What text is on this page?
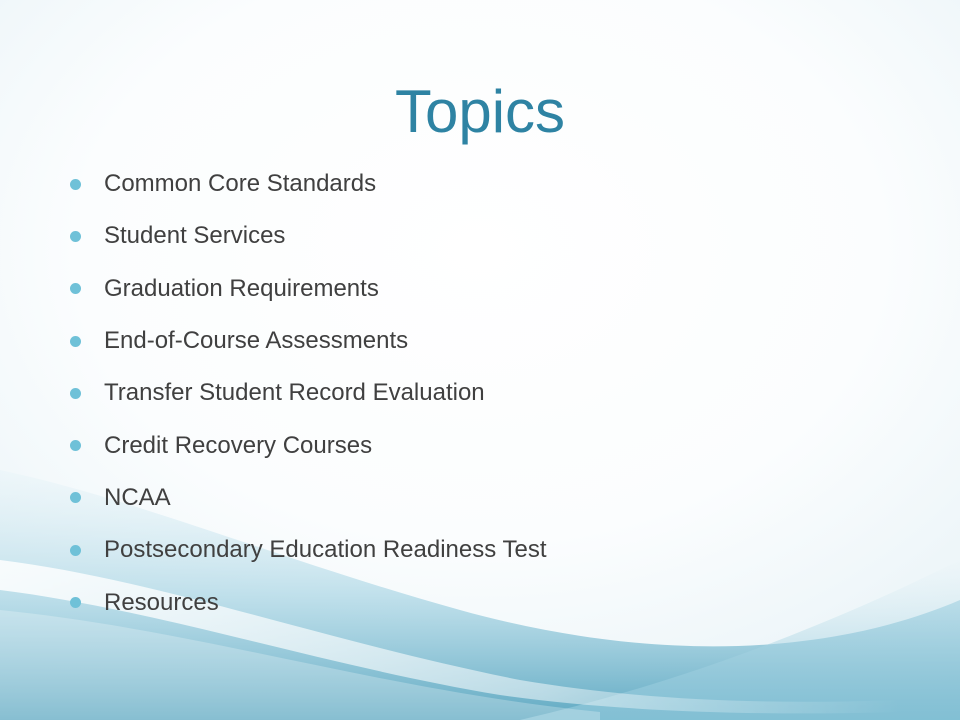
Topics
Common Core Standards
Student Services
Graduation Requirements
End-of-Course Assessments
Transfer Student Record Evaluation
Credit Recovery Courses
NCAA
Postsecondary Education Readiness Test
Resources
